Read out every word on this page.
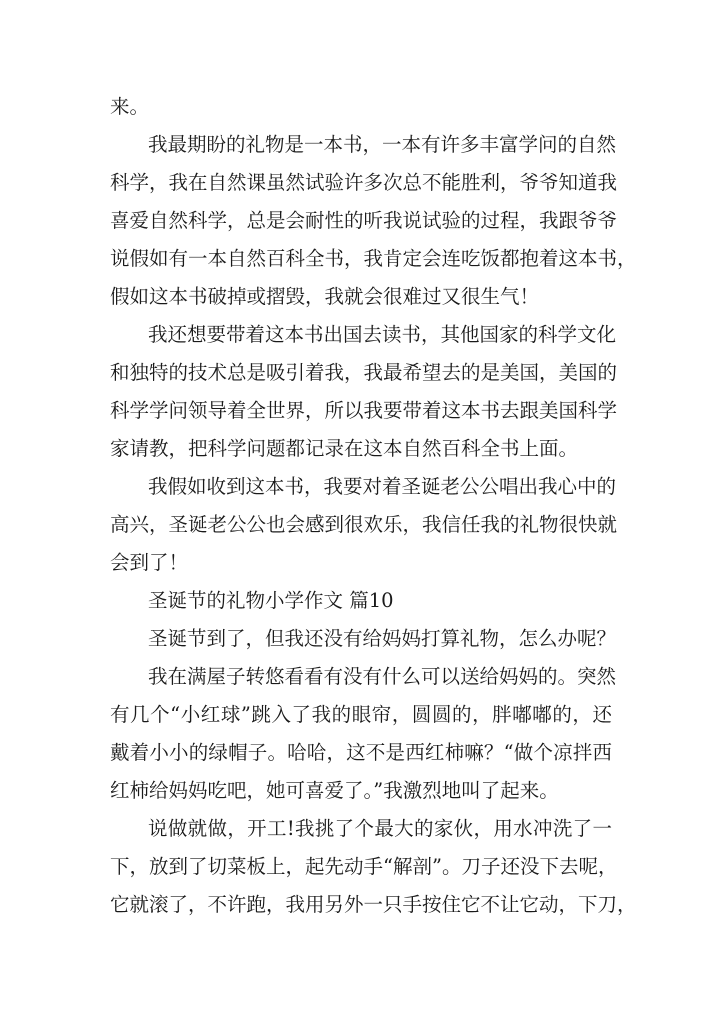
来。
我最期盼的礼物是一本书，一本有许多丰富学问的自然
科学，我在自然课虽然试验许多次总不能胜利，爷爷知道我
喜爱自然科学，总是会耐性的听我说试验的过程，我跟爷爷
说假如有一本自然百科全书，我肯定会连吃饭都抱着这本书，
假如这本书破掉或摺毁，我就会很难过又很生气！
我还想要带着这本书出国去读书，其他国家的科学文化
和独特的技术总是吸引着我，我最希望去的是美国，美国的
科学学问领导着全世界，所以我要带着这本书去跟美国科学
家请教，把科学问题都记录在这本自然百科全书上面。
我假如收到这本书，我要对着圣诞老公公唱出我心中的
高兴，圣诞老公公也会感到很欢乐，我信任我的礼物很快就
会到了！
圣诞节的礼物小学作文 篇10
圣诞节到了，但我还没有给妈妈打算礼物，怎么办呢？
我在满屋子转悠看看有没有什么可以送给妈妈的。突然
有几个“小红球”跳入了我的眼帘，圆圆的，胖嘟嘟的，还
戴着小小的绿帽子。哈哈，这不是西红柿嘛？“做个凉拌西
红柿给妈妈吃吧，她可喜爱了。”我激烈地叫了起来。
说做就做，开工!我挑了个最大的家伙，用水冲洗了一
下，放到了切菜板上，起先动手“解剖”。刀子还没下去呢，
它就滚了，不许跑，我用另外一只手按住它不让它动，下刀，
